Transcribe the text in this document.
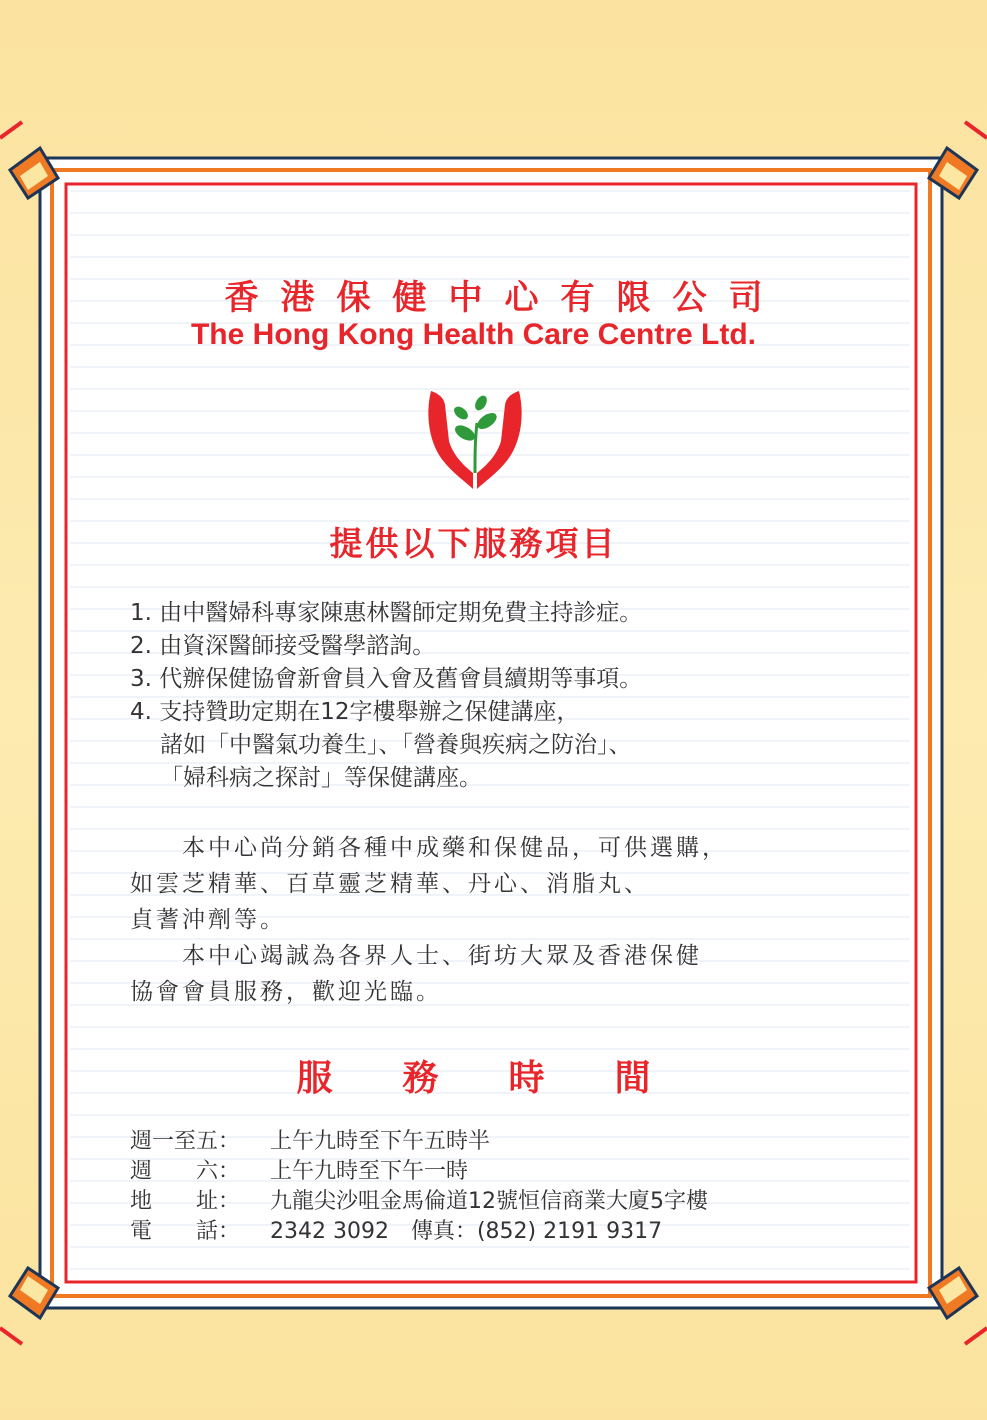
香港保健中心有限公司
The Hong Kong Health Care Centre Ltd.
提供以下服務項目
1. 由中醫婦科專家陳惠林醫師定期免費主持診症。
2. 由資深醫師接受醫學諮詢。
3. 代辦保健協會新會員入會及舊會員續期等事項。
4. 支持贊助定期在12字樓舉辦之保健講座，
諸如「中醫氣功養生」、「營養與疾病之防治」、
「婦科病之探討」等保健講座。
　　本中心尚分銷各種中成藥和保健品，可供選購，
如雲芝精華、百草靈芝精華、丹心、消脂丸、
貞蓍沖劑等。
　　本中心竭誠為各界人士、街坊大眾及香港保健
協會會員服務，歡迎光臨。
服務時間
週一至五： 上午九時至下午五時半
週　　六： 上午九時至下午一時
地　　址： 九龍尖沙咀金馬倫道12號恒信商業大廈5字樓
電　　話： 2342 3092　傳真：(852) 2191 9317
